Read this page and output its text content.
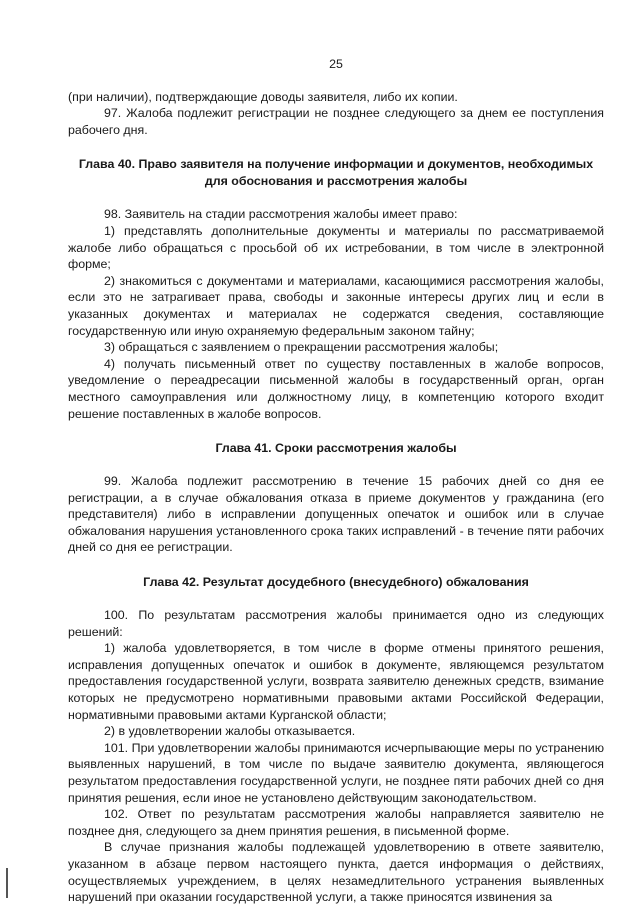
25

(при наличии), подтверждающие доводы заявителя, либо их копии.

97. Жалоба подлежит регистрации не позднее следующего за днем ее поступления рабочего дня.

Глава 40. Право заявителя на получение информации и документов, необходимых для обоснования и рассмотрения жалобы

98. Заявитель на стадии рассмотрения жалобы имеет право:

1) представлять дополнительные документы и материалы по рассматриваемой жалобе либо обращаться с просьбой об их истребовании, в том числе в электронной форме;

2) знакомиться с документами и материалами, касающимися рассмотрения жалобы, если это не затрагивает права, свободы и законные интересы других лиц и если в указанных документах и материалах не содержатся сведения, составляющие государственную или иную охраняемую федеральным законом тайну;

3) обращаться с заявлением о прекращении рассмотрения жалобы;

4) получать письменный ответ по существу поставленных в жалобе вопросов, уведомление о переадресации письменной жалобы в государственный орган, орган местного самоуправления или должностному лицу, в компетенцию которого входит решение поставленных в жалобе вопросов.

Глава 41. Сроки рассмотрения жалобы

99. Жалоба подлежит рассмотрению в течение 15 рабочих дней со дня ее регистрации, а в случае обжалования отказа в приеме документов у гражданина (его представителя) либо в исправлении допущенных опечаток и ошибок или в случае обжалования нарушения установленного срока таких исправлений - в течение пяти рабочих дней со дня ее регистрации.

Глава 42. Результат досудебного (внесудебного) обжалования

100. По результатам рассмотрения жалобы принимается одно из следующих решений:

1) жалоба удовлетворяется, в том числе в форме отмены принятого решения, исправления допущенных опечаток и ошибок в документе, являющемся результатом предоставления государственной услуги, возврата заявителю денежных средств, взимание которых не предусмотрено нормативными правовыми актами Российской Федерации, нормативными правовыми актами Курганской области;

2) в удовлетворении жалобы отказывается.

101. При удовлетворении жалобы принимаются исчерпывающие меры по устранению выявленных нарушений, в том числе по выдаче заявителю документа, являющегося результатом предоставления государственной услуги, не позднее пяти рабочих дней со дня принятия решения, если иное не установлено действующим законодательством.

102. Ответ по результатам рассмотрения жалобы направляется заявителю не позднее дня, следующего за днем принятия решения, в письменной форме.

В случае признания жалобы подлежащей удовлетворению в ответе заявителю, указанном в абзаце первом настоящего пункта, дается информация о действиях, осуществляемых учреждением, в целях незамедлительного устранения выявленных нарушений при оказании государственной услуги, а также приносятся извинения за
